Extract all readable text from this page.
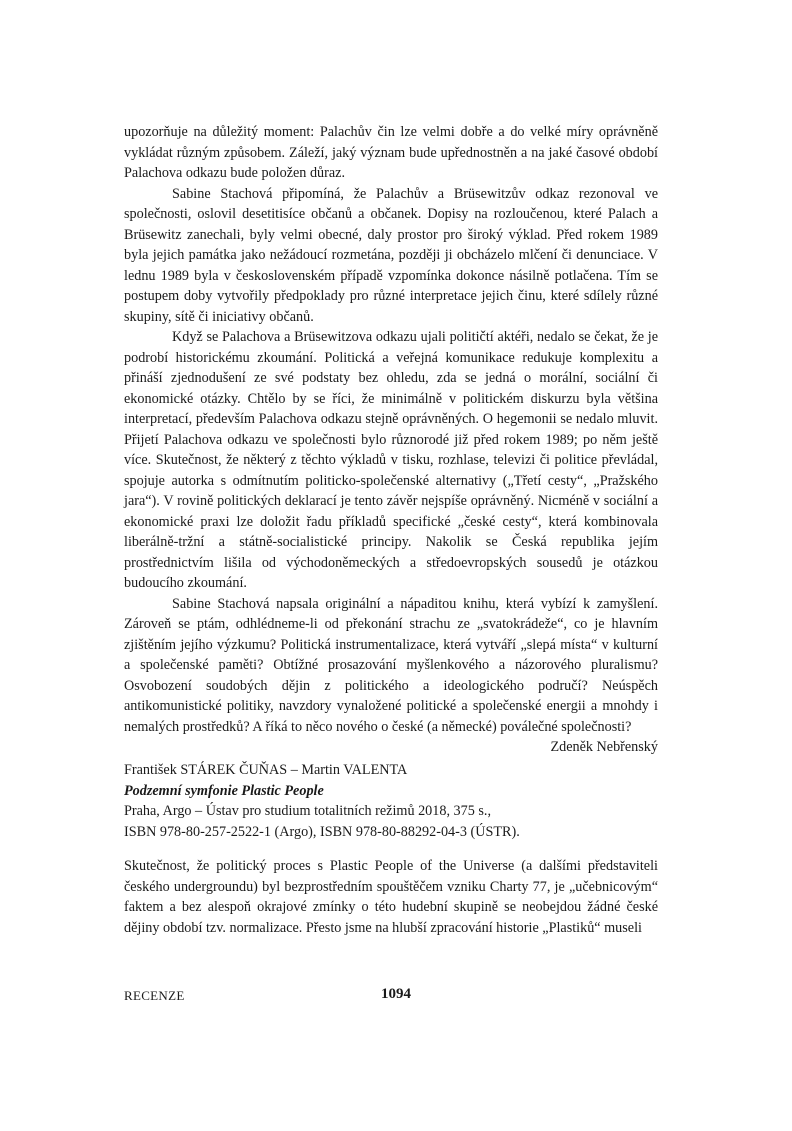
upozorňuje na důležitý moment: Palachův čin lze velmi dobře a do velké míry oprávněně vykládat různým způsobem. Záleží, jaký význam bude upřednostněn a na jaké časové období Palachova odkazu bude položen důraz.

Sabine Stachová připomíná, že Palachův a Brüsewitzův odkaz rezonoval ve společnosti, oslovil desetitisíce občanů a občanek. Dopisy na rozloučenou, které Palach a Brüsewitz zanechali, byly velmi obecné, daly prostor pro široký výklad. Před rokem 1989 byla jejich památka jako nežádoucí rozmetána, později ji obcházelo mlčení či denunciace. V lednu 1989 byla v československém případě vzpomínka dokonce násilně potlačena. Tím se postupem doby vytvořily předpoklady pro různé interpretace jejich činu, které sdílely různé skupiny, sítě či iniciativy občanů.

Když se Palachova a Brüsewitzova odkazu ujali političtí aktéři, nedalo se čekat, že je podrobí historickému zkoumání. Politická a veřejná komunikace redukuje komplexitu a přináší zjednodušení ze své podstaty bez ohledu, zda se jedná o morální, sociální či ekonomické otázky. Chtělo by se říci, že minimálně v politickém diskurzu byla většina interpretací, především Palachova odkazu stejně oprávněných. O hegemonii se nedalo mluvit. Přijetí Palachova odkazu ve společnosti bylo různorodé již před rokem 1989; po něm ještě více. Skutečnost, že některý z těchto výkladů v tisku, rozhlase, televizi či politice převládal, spojuje autorka s odmítnutím politicko-společenské alternativy („Třetí cesty“, „Pražského jara“). V rovině politických deklarací je tento závěr nejspíše oprávněný. Nicméně v sociální a ekonomické praxi lze doložit řadu příkladů specifické „české cesty“, která kombinovala liberálně-tržní a státně-socialistické principy. Nakolik se Česká republika jejím prostřednictvím lišila od východoněmeckých a středoevropských sousedů je otázkou budoucího zkoumání.

Sabine Stachová napsala originální a nápaditou knihu, která vybízí k zamyšlení. Zároveň se ptám, odhlédneme-li od překonání strachu ze „svatokrádeže“, co je hlavním zjištěním jejího výzkumu? Politická instrumentalizace, která vytváří „slepá místa“ v kulturní a společenské paměti? Obtížné prosazování myšlenkového a názorového pluralismu? Osvobození soudobých dějin z politického a ideologického područí? Neúspěch antikomunistické politiky, navzdory vynaložené politické a společenské energii a mnohdy i nemalých prostředků? A říká to něco nového o české (a německé) poválečné společnosti?

Zdeněk Nebřenský

František STÁREK ČUŇAS – Martin VALENTA
Podzemní symfonie Plastic People
Praha, Argo – Ústav pro studium totalitních režimů 2018, 375 s.,
ISBN 978-80-257-2522-1 (Argo), ISBN 978-80-88292-04-3 (ÚSTR).

Skutečnost, že politický proces s Plastic People of the Universe (a dalšími představiteli českého undergroundu) byl bezprostředním spouštěčem vzniku Charty 77, je „učebnicovým“ faktem a bez alespoň okrajové zmínky o této hudební skupině se neobejdou žádné české dějiny období tzv. normalizace. Přesto jsme na hlubší zpracování historie „Plastiků“ museli

RECENZE	1094
